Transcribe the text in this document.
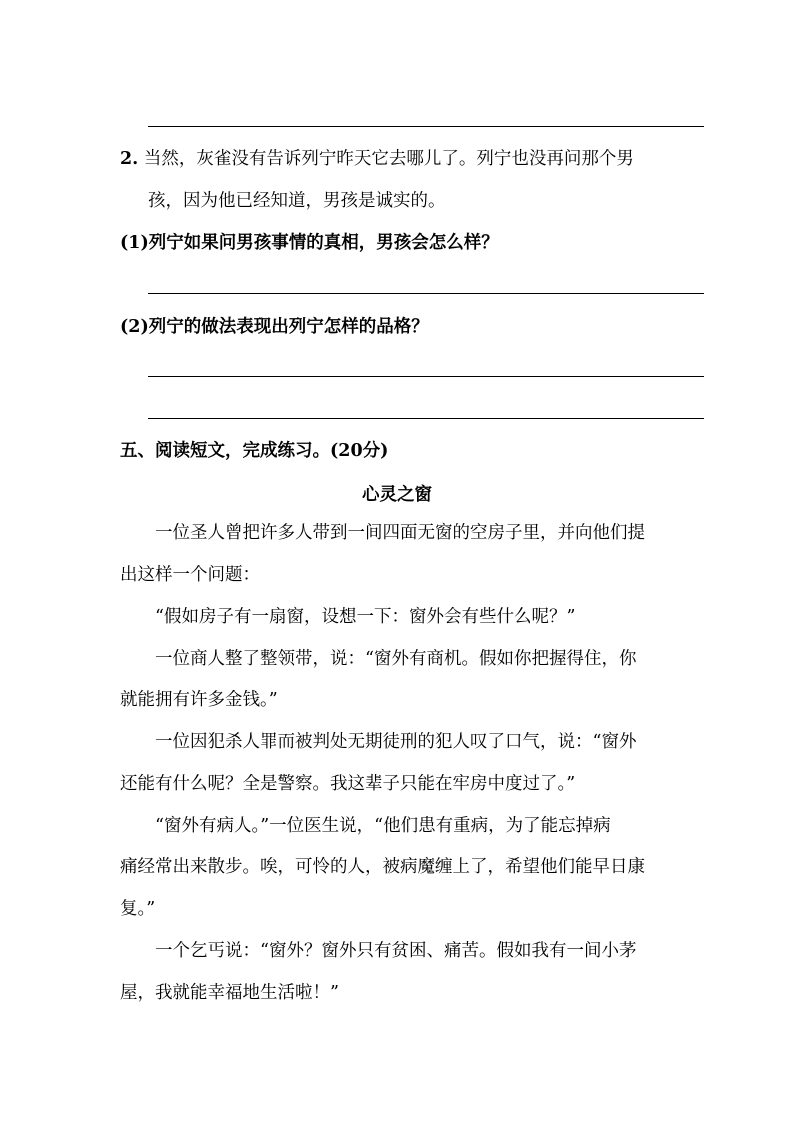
2. 当然，灰雀没有告诉列宁昨天它去哪儿了。列宁也没再问那个男
孩，因为他已经知道，男孩是诚实的。
(1)列宁如果问男孩事情的真相，男孩会怎么样？
(2)列宁的做法表现出列宁怎样的品格？
五、阅读短文，完成练习。(20分)
心灵之窗
一位圣人曾把许多人带到一间四面无窗的空房子里，并向他们提
出这样一个问题：
“假如房子有一扇窗，设想一下：窗外会有些什么呢？”
一位商人整了整领带，说：“窗外有商机。假如你把握得住，你
就能拥有许多金钱。”
一位因犯杀人罪而被判处无期徒刑的犯人叹了口气，说：“窗外
还能有什么呢？全是警察。我这辈子只能在牢房中度过了。”
“窗外有病人。”一位医生说，“他们患有重病，为了能忘掉病
痛经常出来散步。唉，可怜的人，被病魔缠上了，希望他们能早日康
复。”
一个乞丐说：“窗外？窗外只有贫困、痛苦。假如我有一间小茅
屋，我就能幸福地生活啦！”
